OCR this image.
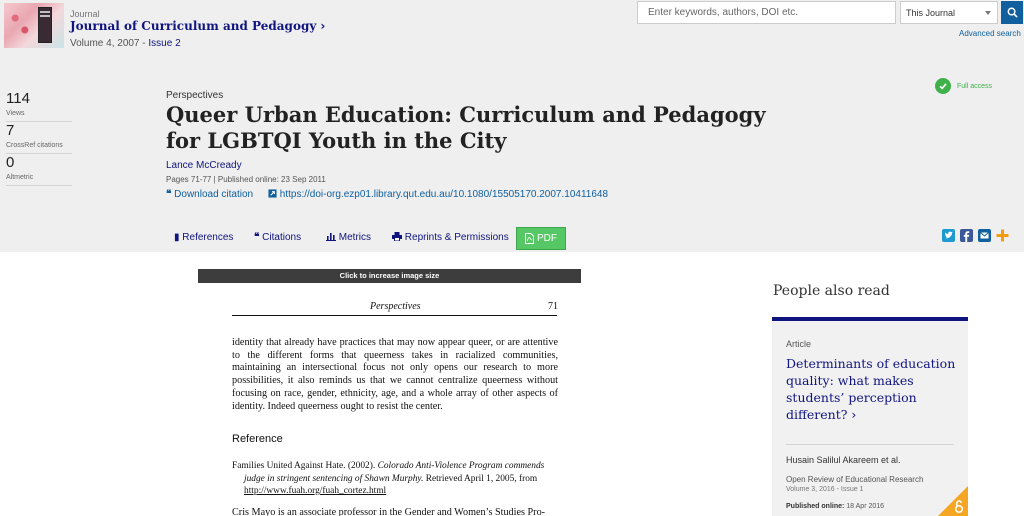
Journal
Journal of Curriculum and Pedagogy ›
Volume 4, 2007 - Issue 2
Enter keywords, authors, DOI etc.
This Journal
Advanced search
114
Views
7
CrossRef citations
0
Altmetric
Full access
Perspectives
Queer Urban Education: Curriculum and Pedagogy for LGBTQI Youth in the City
Lance McCready
Pages 71-77 | Published online: 23 Sep 2011
❝ Download citation	https://doi-org.ezp01.library.qut.edu.au/10.1080/15505170.2007.10411648
▮ References ❝ Citations	Metrics	Reprints & Permissions	PDF
Click to increase image size
Perspectives	71
identity that already have practices that may now appear queer, or are attentive to the different forms that queerness takes in racialized communities, maintaining an intersectional focus not only opens our research to more possibilities, it also reminds us that we cannot centralize queerness without focusing on race, gender, ethnicity, age, and a whole array of other aspects of identity. Indeed queerness ought to resist the center.
Reference
Families United Against Hate. (2002). Colorado Anti-Violence Program commends
judge in stringent sentencing of Shawn Murphy. Retrieved April 1, 2005, from
http://www.fuah.org/fuah_cortez.html
Cris Mayo is an associate professor in the Gender and Women’s Studies Pro-
People also read
Article
Determinants of education quality: what makes students’ perception different? ›
Husain Salilul Akareem et al.
Open Review of Educational Research
Volume 3, 2016 - Issue 1
Published online: 18 Apr 2016
